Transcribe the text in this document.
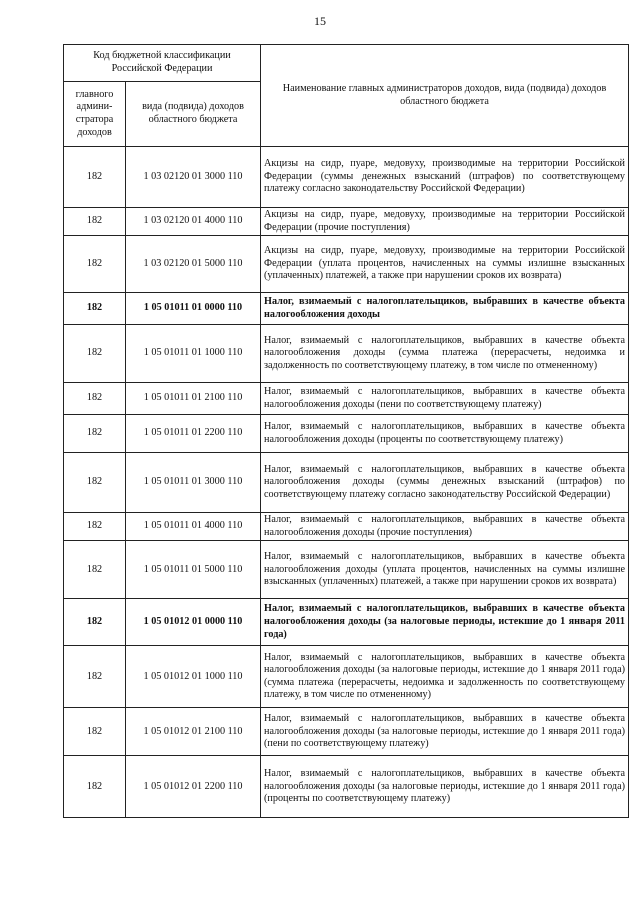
15
Код бюджетной классификации Российской Федерации		Наименование главных администраторов доходов, вида (подвида) доходов областного бюджета
главного админи-стратора доходов	вида (подвида) доходов областного бюджета	
182	1 03 02120 01 3000 110	Акцизы на сидр, пуаре, медовуху, производимые на территории Российской Федерации (суммы денежных взысканий (штрафов) по соответствующему платежу согласно законодательству Российской Федерации)
182	1 03 02120 01 4000 110	Акцизы на сидр, пуаре, медовуху, производимые на территории Российской Федерации (прочие поступления)
182	1 03 02120 01 5000 110	Акцизы на сидр, пуаре, медовуху, производимые на территории Российской Федерации (уплата процентов, начисленных на суммы излишне взысканных (уплаченных) платежей, а также при нарушении сроков их возврата)
182	1 05 01011 01 0000 110	Налог, взимаемый с налогоплательщиков, выбравших в качестве объекта налогообложения доходы
182	1 05 01011 01 1000 110	Налог, взимаемый с налогоплательщиков, выбравших в качестве объекта налогообложения доходы (сумма платежа (перерасчеты, недоимка и задолженность по соответствующему платежу, в том числе по отмененному)
182	1 05 01011 01 2100 110	Налог, взимаемый с налогоплательщиков, выбравших в качестве объекта налогообложения доходы (пени по соответствующему платежу)
182	1 05 01011 01 2200 110	Налог, взимаемый с налогоплательщиков, выбравших в качестве объекта налогообложения доходы (проценты по соответствующему платежу)
182	1 05 01011 01 3000 110	Налог, взимаемый с налогоплательщиков, выбравших в качестве объекта налогообложения доходы (суммы денежных взысканий (штрафов) по соответствующему платежу согласно законодательству Российской Федерации)
182	1 05 01011 01 4000 110	Налог, взимаемый с налогоплательщиков, выбравших в качестве объекта налогообложения доходы (прочие поступления)
182	1 05 01011 01 5000 110	Налог, взимаемый с налогоплательщиков, выбравших в качестве объекта налогообложения доходы (уплата процентов, начисленных на суммы излишне взысканных (уплаченных) платежей, а также при нарушении сроков их возврата)
182	1 05 01012 01 0000 110	Налог, взимаемый с налогоплательщиков, выбравших в качестве объекта налогообложения доходы (за налоговые периоды, истекшие до 1 января 2011 года)
182	1 05 01012 01 1000 110	Налог, взимаемый с налогоплательщиков, выбравших в качестве объекта налогообложения доходы (за налоговые периоды, истекшие до 1 января 2011 года) (сумма платежа (перерасчеты, недоимка и задолженность по соответствующему платежу, в том числе по отмененному)
182	1 05 01012 01 2100 110	Налог, взимаемый с налогоплательщиков, выбравших в качестве объекта налогообложения доходы (за налоговые периоды, истекшие до 1 января 2011 года) (пени по соответствующему платежу)
182	1 05 01012 01 2200 110	Налог, взимаемый с налогоплательщиков, выбравших в качестве объекта налогообложения доходы (за налоговые периоды, истекшие до 1 января 2011 года) (проценты по соответствующему платежу)
